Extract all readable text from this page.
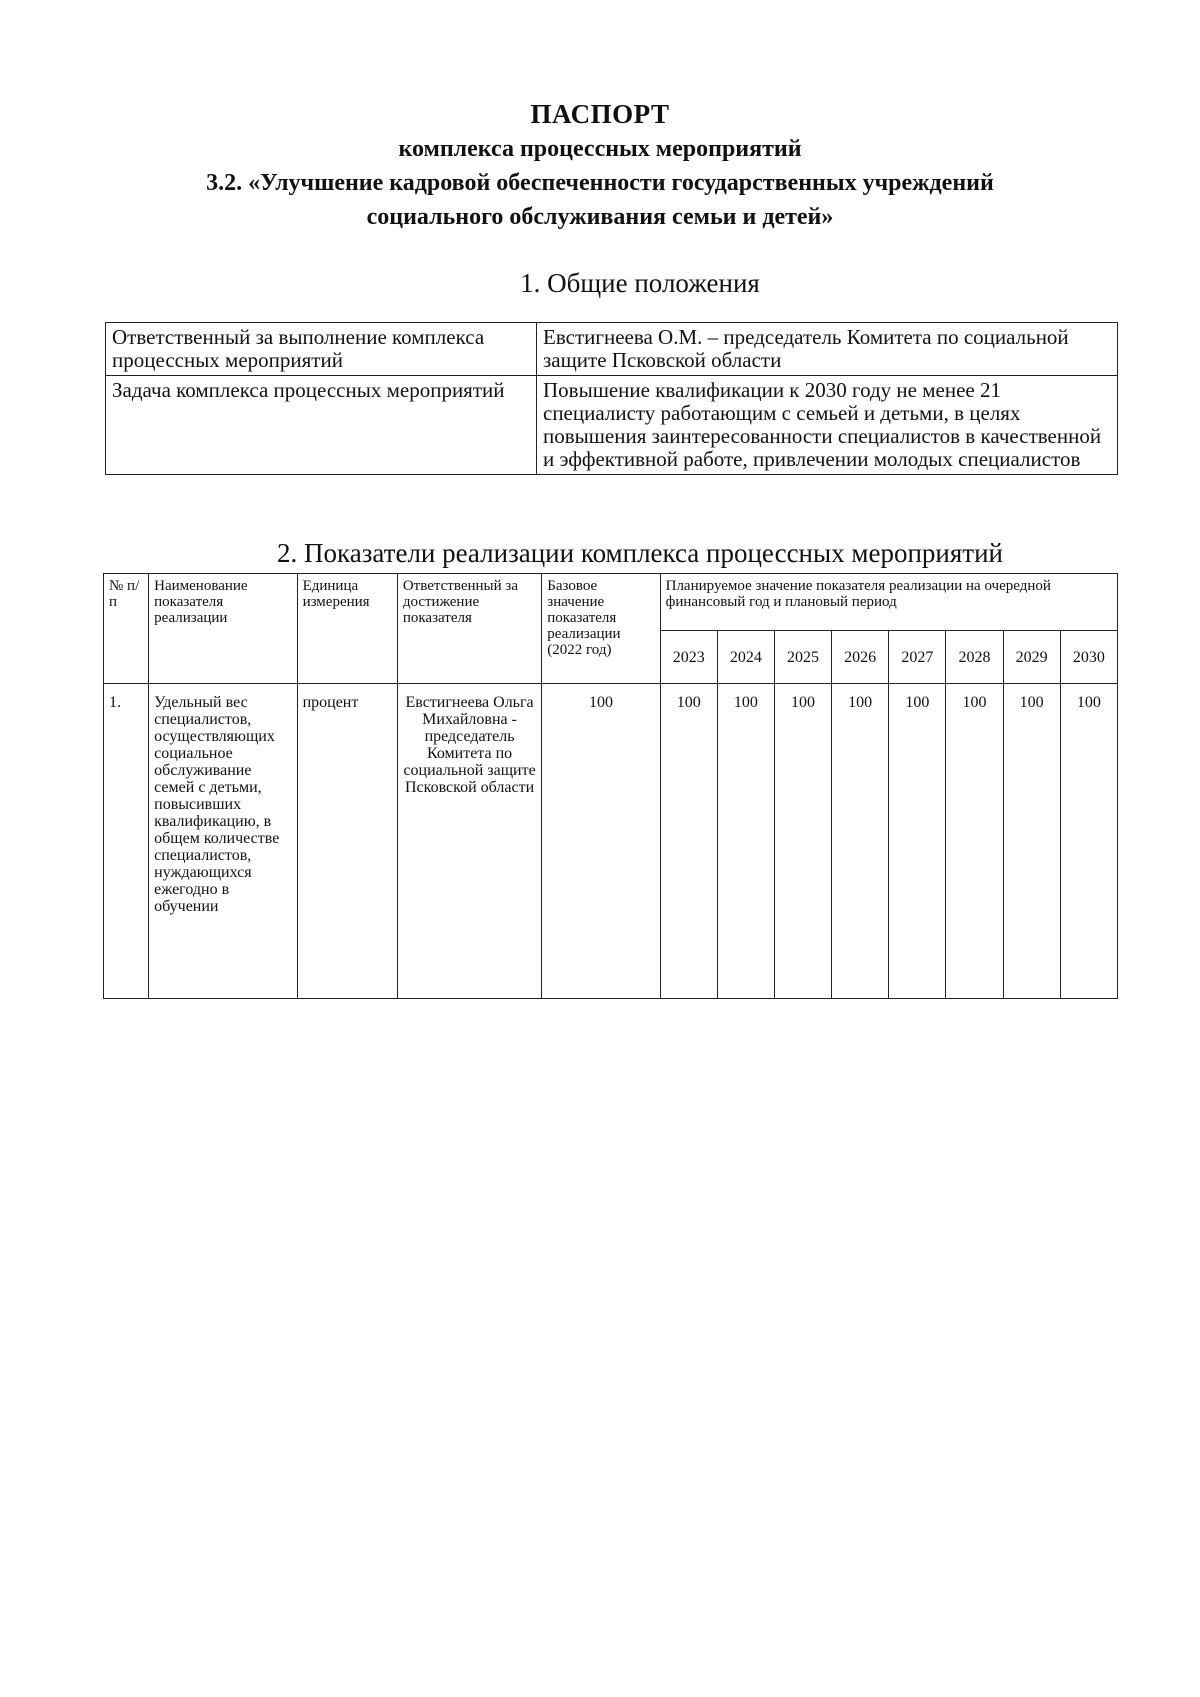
ПАСПОРТ
комплекса процессных мероприятий
3.2. «Улучшение кадровой обеспеченности государственных учреждений
социального обслуживания семьи и детей»
1. Общие положения
Ответственный за выполнение комплекса процессных мероприятий	Евстигнеева О.М. – председатель Комитета по социальной защите Псковской области
Задача комплекса процессных мероприятий	Повышение квалификации к 2030 году не менее 21 специалисту работающим с семьей и детьми, в целях повышения заинтересованности специалистов в качественной и эффективной работе, привлечении молодых специалистов
2. Показатели реализации комплекса процессных мероприятий
№ п/п	Наименование показателя реализации	Единица измерения	Ответственный за достижение показателя	Базовое значение показателя реализации (2022 год)	Планируемое значение показателя реализации на очередной финансовый год и плановый период							
					2023	2024	2025	2026	2027	2028	2029	2030
1.	Удельный вес специалистов, осуществляющих социальное обслуживание семей с детьми, повысивших квалификацию, в общем количестве специалистов, нуждающихся ежегодно в обучении	процент	Евстигнеева Ольга Михайловна - председатель Комитета по социальной защите Псковской области	100	100	100	100	100	100	100	100	100
